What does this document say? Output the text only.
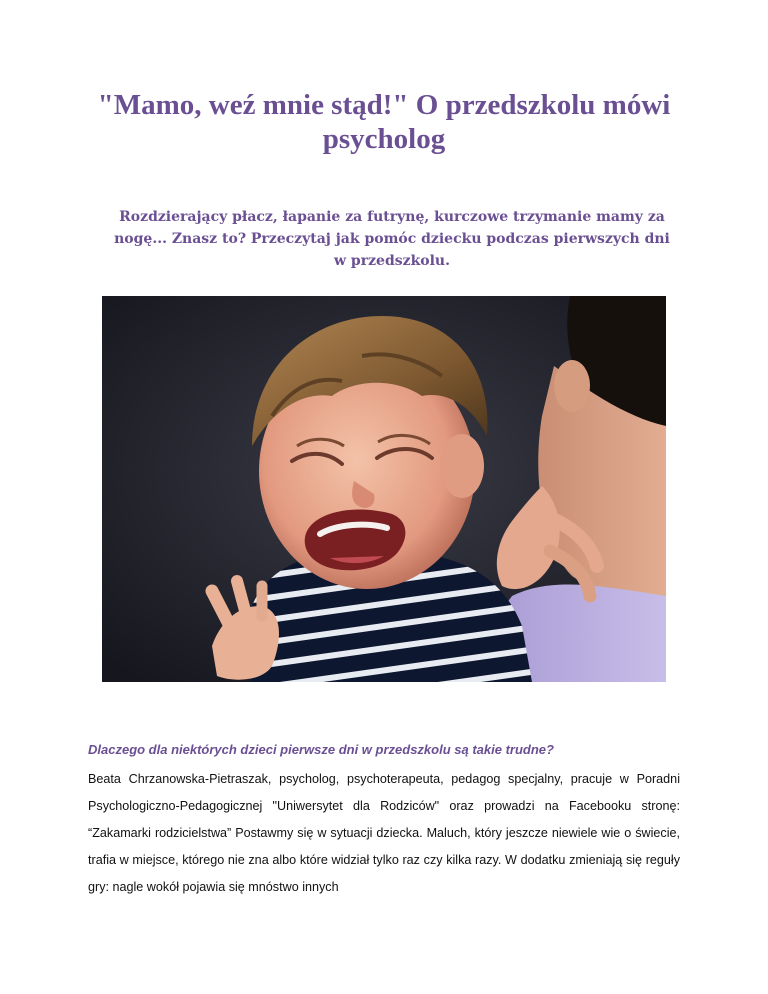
"Mamo, weź mnie stąd!" O przedszkolu mówi psycholog

Rozdzierający płacz, łapanie za futrynę, kurczowe trzymanie mamy za nogę... Znasz to? Przeczytaj jak pomóc dziecku podczas pierwszych dni w przedszkolu.

Dlaczego dla niektórych dzieci pierwsze dni w przedszkolu są takie trudne?

Beata Chrzanowska-Pietraszak, psycholog, psychoterapeuta, pedagog specjalny, pracuje w Poradni Psychologiczno-Pedagogicznej "Uniwersytet dla Rodziców" oraz prowadzi na Facebooku stronę: “Zakamarki rodzicielstwa” Postawmy się w sytuacji dziecka. Maluch, który jeszcze niewiele wie o świecie, trafia w miejsce, którego nie zna albo które widział tylko raz czy kilka razy. W dodatku zmieniają się reguły gry: nagle wokół pojawia się mnóstwo innych
